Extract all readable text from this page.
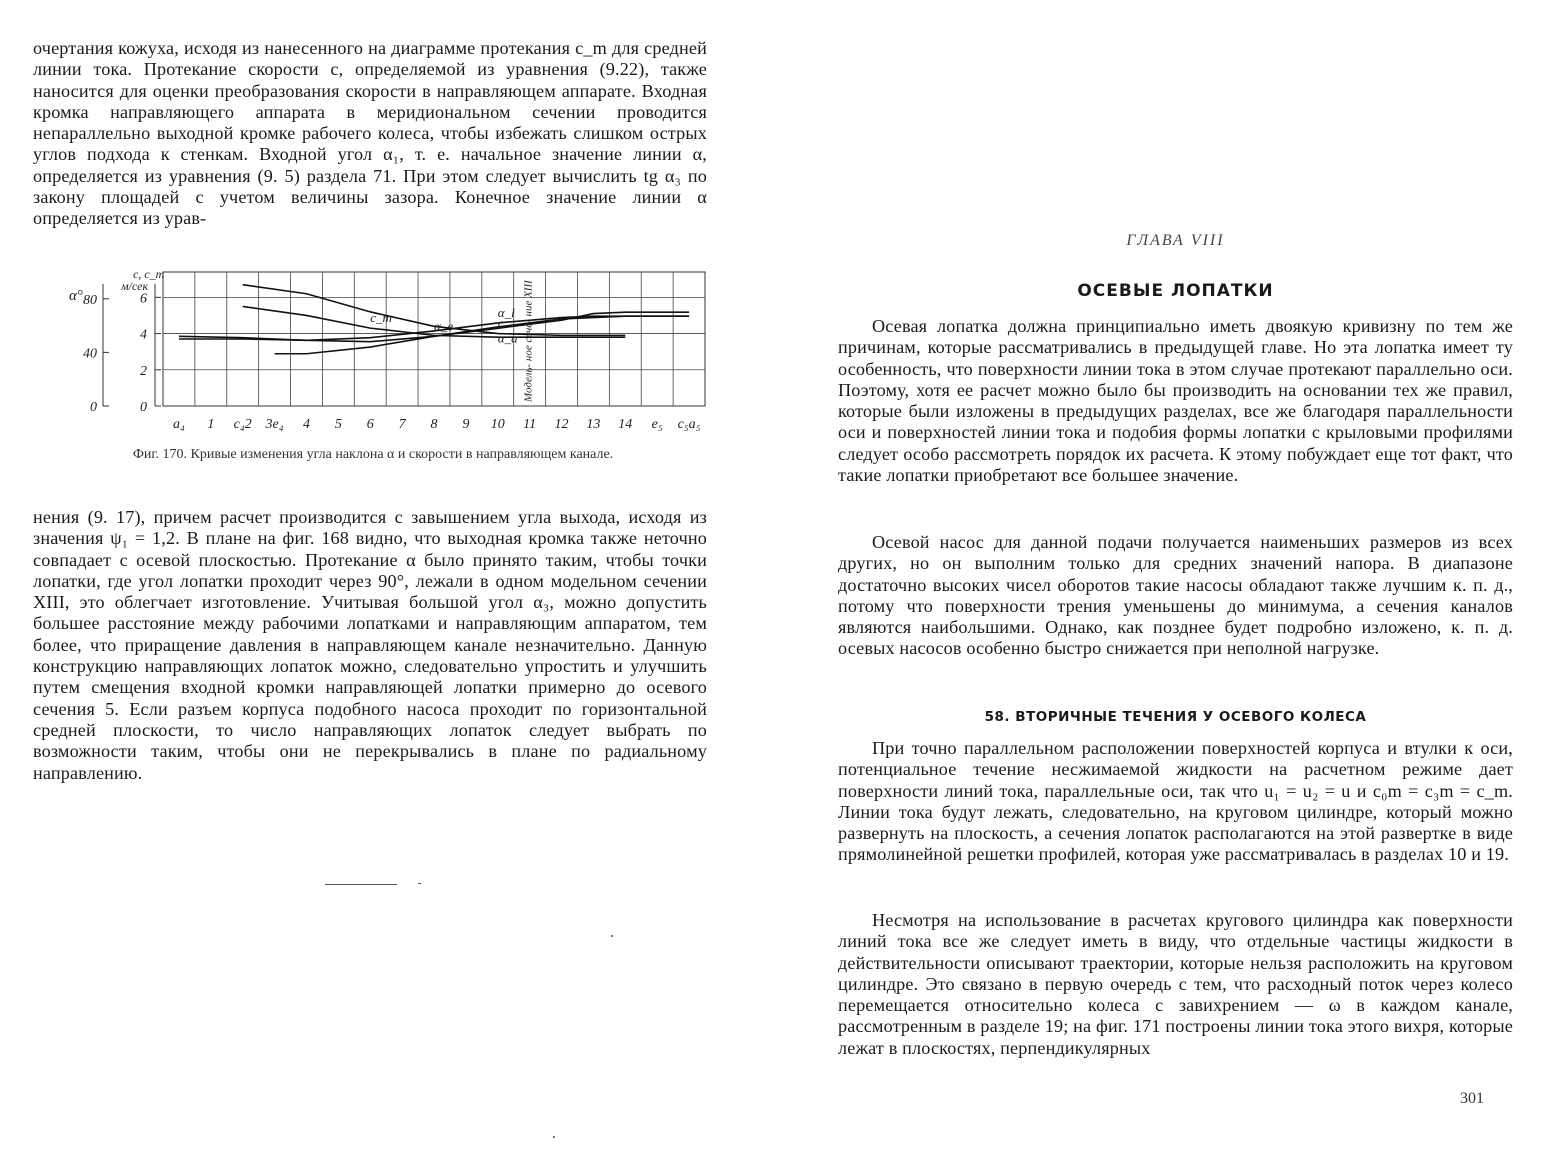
очертания кожуха, исходя из нанесенного на диаграмме протекания c_m для средней линии тока. Протекание скорости c, определяемой из уравнения (9.22), также наносится для оценки преобразования скорости в направляющем аппарате. Входная кромка направляющего аппарата в меридиональном сечении проводится непараллельно выходной кромке рабочего колеса, чтобы избежать слишком острых углов подхода к стенкам. Входной угол α₁, т. е. начальное значение линии α, определяется из уравнения (9. 5) раздела 71. При этом следует вычислить tg α₃ по закону площадей с учетом величины зазора. Конечное значение линии α определяется из урав-

0
40
80
α°
0
2
4
6
c, c_m
м/сек
a₄ 1 c₄2 3e₄ 4 5 6 7 8 9 10 11 12 13 14 e₅ c₅a₅
Модель- ное сече- ние XIII
c
c_m
α_e
α_l
α_a
Фиг. 170. Кривые изменения угла наклона α и скорости в направляющем канале.

нения (9. 17), причем расчет производится с завышением угла выхода, исходя из значения ψ₁ = 1,2. В плане на фиг. 168 видно, что выходная кромка также неточно совпадает с осевой плоскостью. Протекание α было принято таким, чтобы точки лопатки, где угол лопатки проходит через 90°, лежали в одном модельном сечении XIII, это облегчает изготовление. Учитывая большой угол α₃, можно допустить большее расстояние между рабочими лопатками и направляющим аппаратом, тем более, что приращение давления в направляющем канале незначительно. Данную конструкцию направляющих лопаток можно, следовательно упростить и улучшить путем смещения входной кромки направляющей лопатки примерно до осевого сечения 5. Если разъем корпуса подобного насоса проходит по горизонтальной средней плоскости, то число направляющих лопаток следует выбрать по возможности таким, чтобы они не перекрывались в плане по радиальному направлению.

ГЛАВА VIII
ОСЕВЫЕ ЛОПАТКИ

Осевая лопатка должна принципиально иметь двоякую кривизну по тем же причинам, которые рассматривались в предыдущей главе. Но эта лопатка имеет ту особенность, что поверхности линии тока в этом случае протекают параллельно оси. Поэтому, хотя ее расчет можно было бы производить на основании тех же правил, которые были изложены в предыдущих разделах, все же благодаря параллельности оси и поверхностей линии тока и подобия формы лопатки с крыловыми профилями следует особо рассмотреть порядок их расчета. К этому побуждает еще тот факт, что такие лопатки приобретают все большее значение.

Осевой насос для данной подачи получается наименьших размеров из всех других, но он выполним только для средних значений напора. В диапазоне достаточно высоких чисел оборотов такие насосы обладают также лучшим к. п. д., потому что поверхности трения уменьшены до минимума, а сечения каналов являются наибольшими. Однако, как позднее будет подробно изложено, к. п. д. осевых насосов особенно быстро снижается при неполной нагрузке.

При точно параллельном расположении поверхностей корпуса и втулки к оси, потенциальное течение несжимаемой жидкости на расчетном режиме дает поверхности линий тока, параллельные оси, так что u₁ = u₂ = u и c₀m = c₃m = c_m. Линии тока будут лежать, следовательно, на круговом цилиндре, который можно развернуть на плоскость, а сечения лопаток располагаются на этой развертке в виде прямолинейной решетки профилей, которая уже рассматривалась в разделах 10 и 19.

Несмотря на использование в расчетах кругового цилиндра как поверхности линий тока все же следует иметь в виду, что отдельные частицы жидкости в действительности описывают траектории, которые нельзя расположить на круговом цилиндре. Это связано в первую очередь с тем, что расходный поток через колесо перемещается относительно колеса с завихрением — ω в каждом канале, рассмотренным в разделе 19; на фиг. 171 построены линии тока этого вихря, которые лежат в плоскостях, перпендикулярных

58. ВТОРИЧНЫЕ ТЕЧЕНИЯ У ОСЕВОГО КОЛЕСА
301
